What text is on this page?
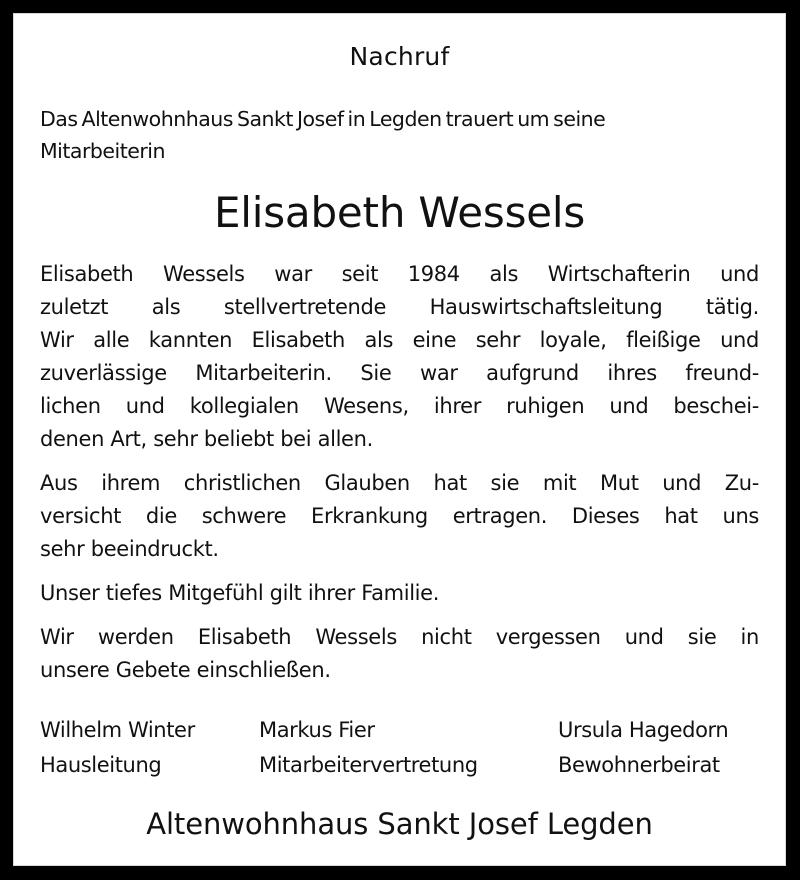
Nachruf
Das Altenwohnhaus Sankt Josef in Legden trauert um seine
Mitarbeiterin
Elisabeth Wessels
Elisabeth Wessels war seit 1984 als Wirtschafterin und
zuletzt als stellvertretende Hauswirtschaftsleitung tätig.
Wir alle kannten Elisabeth als eine sehr loyale, fleißige und
zuverlässige Mitarbeiterin. Sie war aufgrund ihres freund-
lichen und kollegialen Wesens, ihrer ruhigen und beschei-
denen Art, sehr beliebt bei allen.
Aus ihrem christlichen Glauben hat sie mit Mut und Zu-
versicht die schwere Erkrankung ertragen. Dieses hat uns
sehr beeindruckt.
Unser tiefes Mitgefühl gilt ihrer Familie.
Wir werden Elisabeth Wessels nicht vergessen und sie in
unsere Gebete einschließen.
Wilhelm Winter
Hausleitung
Markus Fier
Mitarbeitervertretung
Ursula Hagedorn
Bewohnerbeirat
Altenwohnhaus Sankt Josef Legden
